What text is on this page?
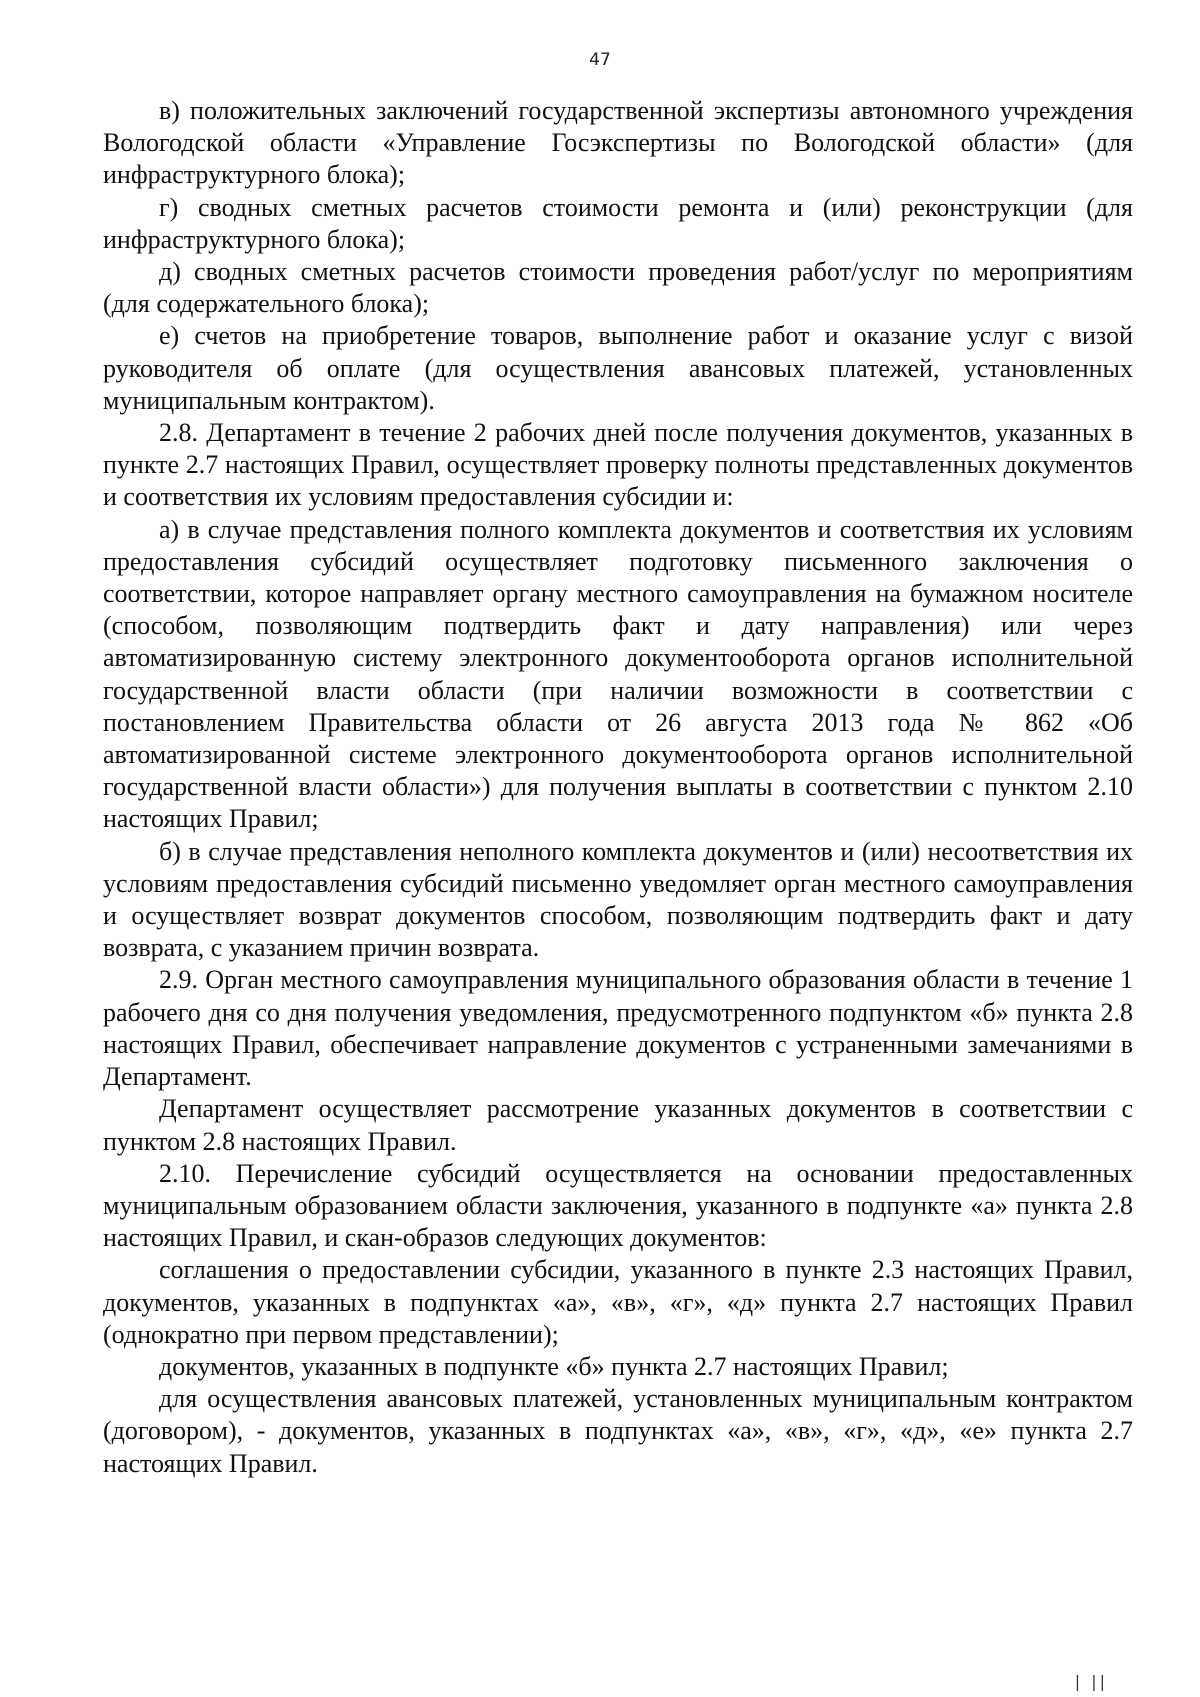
47

в) положительных заключений государственной экспертизы автономного учреждения Вологодской области «Управление Госэкспертизы по Вологодской области» (для инфраструктурного блока);

г) сводных сметных расчетов стоимости ремонта и (или) реконструкции (для инфраструктурного блока);

д) сводных сметных расчетов стоимости проведения работ/услуг по мероприятиям (для содержательного блока);

е) счетов на приобретение товаров, выполнение работ и оказание услуг с визой руководителя об оплате (для осуществления авансовых платежей, установленных муниципальным контрактом).

2.8. Департамент в течение 2 рабочих дней после получения документов, указанных в пункте 2.7 настоящих Правил, осуществляет проверку полноты представленных документов и соответствия их условиям предоставления субсидии и:

а) в случае представления полного комплекта документов и соответствия их условиям предоставления субсидий осуществляет подготовку письменного заключения о соответствии, которое направляет органу местного самоуправления на бумажном носителе (способом, позволяющим подтвердить факт и дату направления) или через автоматизированную систему электронного документооборота органов исполнительной государственной власти области (при наличии возможности в соответствии с постановлением Правительства области от 26 августа 2013 года № 862 «Об автоматизированной системе электронного документооборота органов исполнительной государственной власти области») для получения выплаты в соответствии с пунктом 2.10 настоящих Правил;

б) в случае представления неполного комплекта документов и (или) несоответствия их условиям предоставления субсидий письменно уведомляет орган местного самоуправления и осуществляет возврат документов способом, позволяющим подтвердить факт и дату возврата, с указанием причин возврата.

2.9. Орган местного самоуправления муниципального образования области в течение 1 рабочего дня со дня получения уведомления, предусмотренного подпунктом «б» пункта 2.8 настоящих Правил, обеспечивает направление документов с устраненными замечаниями в Департамент.

Департамент осуществляет рассмотрение указанных документов в соответствии с пунктом 2.8 настоящих Правил.

2.10. Перечисление субсидий осуществляется на основании предоставленных муниципальным образованием области заключения, указанного в подпункте «а» пункта 2.8 настоящих Правил, и скан-образов следующих документов:

соглашения о предоставлении субсидии, указанного в пункте 2.3 настоящих Правил, документов, указанных в подпунктах «а», «в», «г», «д» пункта 2.7 настоящих Правил (однократно при первом представлении);

документов, указанных в подпункте «б» пункта 2.7 настоящих Правил;

для осуществления авансовых платежей, установленных муниципальным контрактом (договором), - документов, указанных в подпунктах «а», «в», «г», «д», «е» пункта 2.7 настоящих Правил.

| ||
